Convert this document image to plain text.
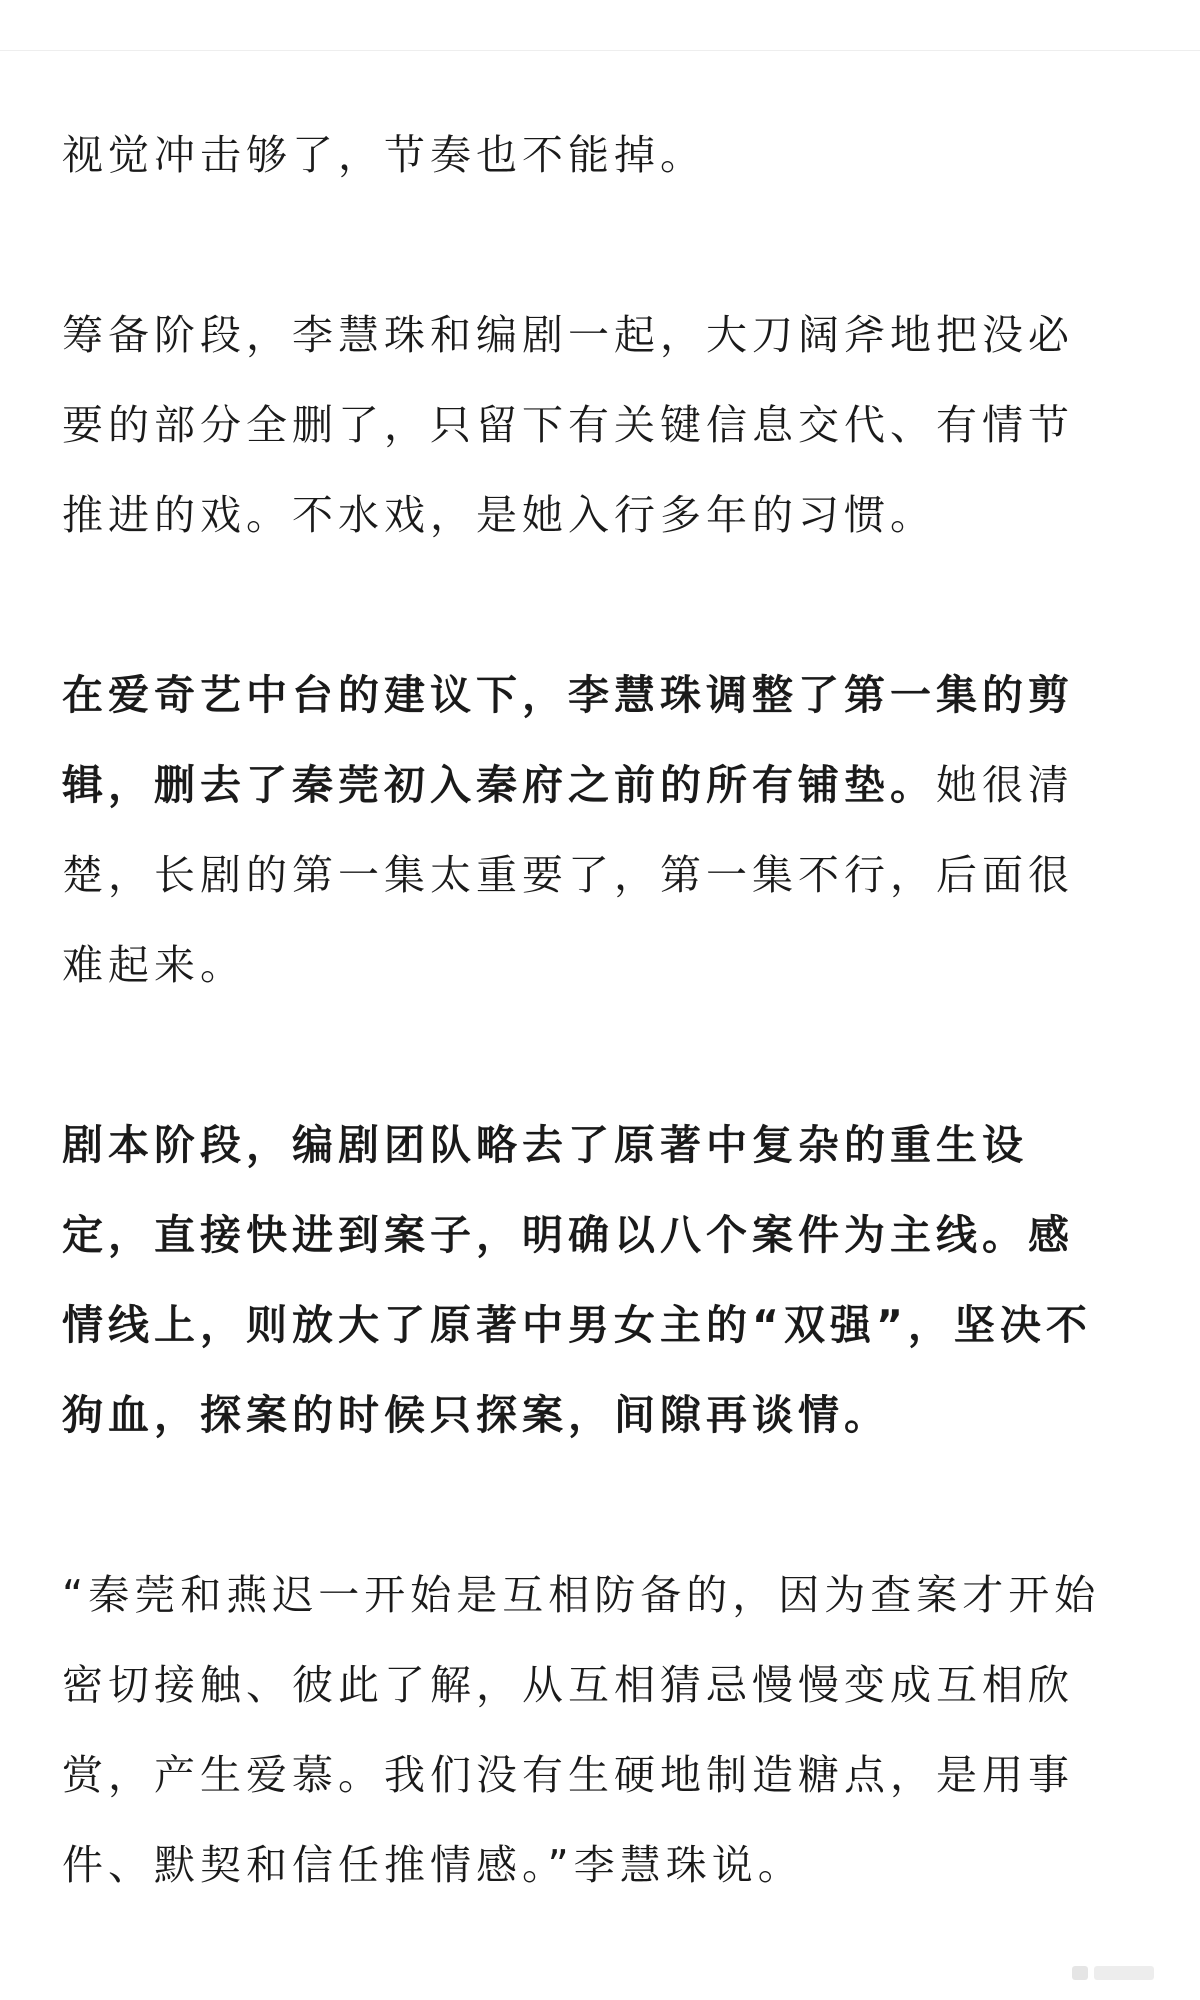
视觉冲击够了，节奏也不能掉。

筹备阶段，李慧珠和编剧一起，大刀阔斧地把没必
要的部分全删了，只留下有关键信息交代、有情节
推进的戏。不水戏，是她入行多年的习惯。

在爱奇艺中台的建议下，李慧珠调整了第一集的剪
辑，删去了秦莞初入秦府之前的所有铺垫。她很清
楚，长剧的第一集太重要了，第一集不行，后面很
难起来。

剧本阶段，编剧团队略去了原著中复杂的重生设
定，直接快进到案子，明确以八个案件为主线。感
情线上，则放大了原著中男女主的“双强”，坚决不
狗血，探案的时候只探案，间隙再谈情。

“秦莞和燕迟一开始是互相防备的，因为查案才开始
密切接触、彼此了解，从互相猜忌慢慢变成互相欣
赏，产生爱慕。我们没有生硬地制造糖点，是用事
件、默契和信任推情感。”李慧珠说。
